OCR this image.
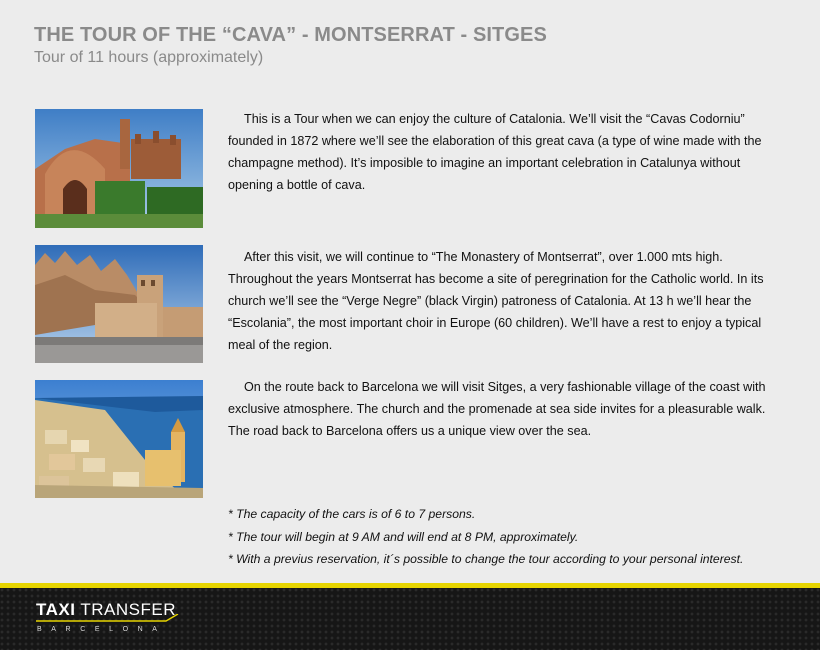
THE TOUR OF THE “CAVA” - MONTSERRAT - SITGES
Tour of 11 hours (approximately)
This is a Tour when we can enjoy the culture of Catalonia. We’ll visit the “Cavas Codorniu” founded in 1872 where we’ll see the elaboration of this great cava (a type of wine made with the champagne method). It’s imposible to imagine an important celebration in Catalunya without opening a bottle of cava.
After this visit, we will continue to “The Monastery of Montserrat”, over 1.000 mts high. Throughout the years Montserrat has become a site of peregrination for the Catholic world. In its church we’ll see the “Verge Negre” (black Virgin) patroness of Catalonia. At 13 h we’ll hear the “Escolania”, the most important choir in Europe (60 children). We’ll have a rest to enjoy a typical meal of the region.
On the route back to Barcelona we will visit Sitges, a very fashionable village of the coast with exclusive atmosphere. The church and the promenade at sea side invites for a pleasurable walk. The road back to Barcelona offers us a unique view over the sea.
* The capacity of the cars is of 6 to 7 persons.
* The tour will begin at 9 AM and will end at 8 PM, approximately.
* With a previus reservation, it´s possible to change the tour according to your personal interest.
TAXI TRANSFER
BARCELONA
